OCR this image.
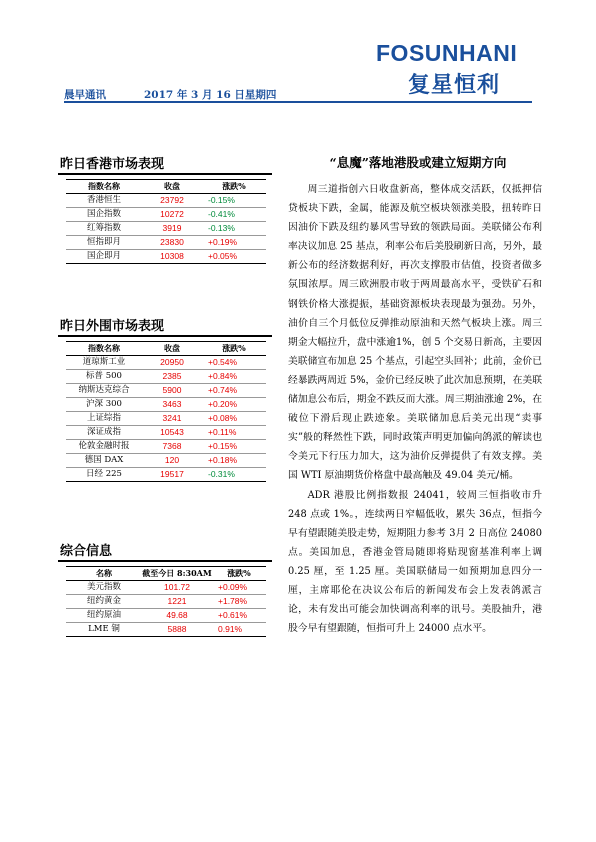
FOSUNHANI
复星恒利
晨早通讯	2017 年 3 月 16 日星期四
昨日香港市场表现
指数名称	收盘	涨跌%
香港恒生	23792	-0.15%
国企指数	10272	-0.41%
红筹指数	3919	-0.13%
恒指即月	23830	+0.19%
国企即月	10308	+0.05%
昨日外围市场表现
指数名称	收盘	涨跌%
道琼斯工业	20950	+0.54%
标普 500	2385	+0.84%
纳斯达克综合	5900	+0.74%
沪深 300	3463	+0.20%
上证综指	3241	+0.08%
深证成指	10543	+0.11%
伦敦金融时报	7368	+0.15%
德国 DAX	120	+0.18%
日经 225	19517	-0.31%
综合信息
名称	截至今日 8:30AM	涨跌%
美元指数	101.72	+0.09%
纽约黄金	1221	+1.78%
纽约原油	49.68	+0.61%
LME 铜	5888	0.91%
“息魔”落地港股或建立短期方向

周三道指创六日收盘新高，整体成交活跃，仅抵押信贷板块下跌，金属，能源及航空板块领涨美股，扭转昨日因油价下跌及纽约暴风雪导致的领跌局面。美联储公布利率决议加息 25 基点，利率公布后美股刷新日高，另外，最新公布的经济数据利好，再次支撑股市估值，投资者做多氛围浓厚。周三欧洲股市收于两周最高水平，受铁矿石和钢铁价格大涨提振，基础资源板块表现最为强劲。另外，油价自三个月低位反弹推动原油和天然气板块上涨。周三期金大幅拉升，盘中涨逾1%，创 5 个交易日新高，主要因美联储宣布加息 25 个基点，引起空头回补；此前，金价已经暴跌两周近 5%，金价已经反映了此次加息预期，在美联储加息公布后，期金不跌反而大涨。周三期油涨逾 2%，在破位下滑后现止跌迹象。美联储加息后美元出现“卖事实”般的释然性下跌，同时政策声明更加偏向鸽派的解读也令美元下行压力加大，这为油价反弹提供了有效支撑。美国 WTI 原油期货价格盘中最高触及 49.04 美元/桶。

ADR 港股比例指数报 24041，较周三恒指收市升 248 点或 1%。，连续两日窄幅低收，累失 36点，恒指今早有望跟随美股走势，短期阻力参考 3月 2 日高位 24080 点。美国加息，香港金管局随即将贴现窗基准利率上调 0.25 厘，至 1.25 厘。美国联储局一如预期加息四分一厘，主席耶伦在决议公布后的新闻发布会上发表鸽派言论，未有发出可能会加快调高利率的讯号。美股抽升，港股今早有望跟随，恒指可升上 24000 点水平。
